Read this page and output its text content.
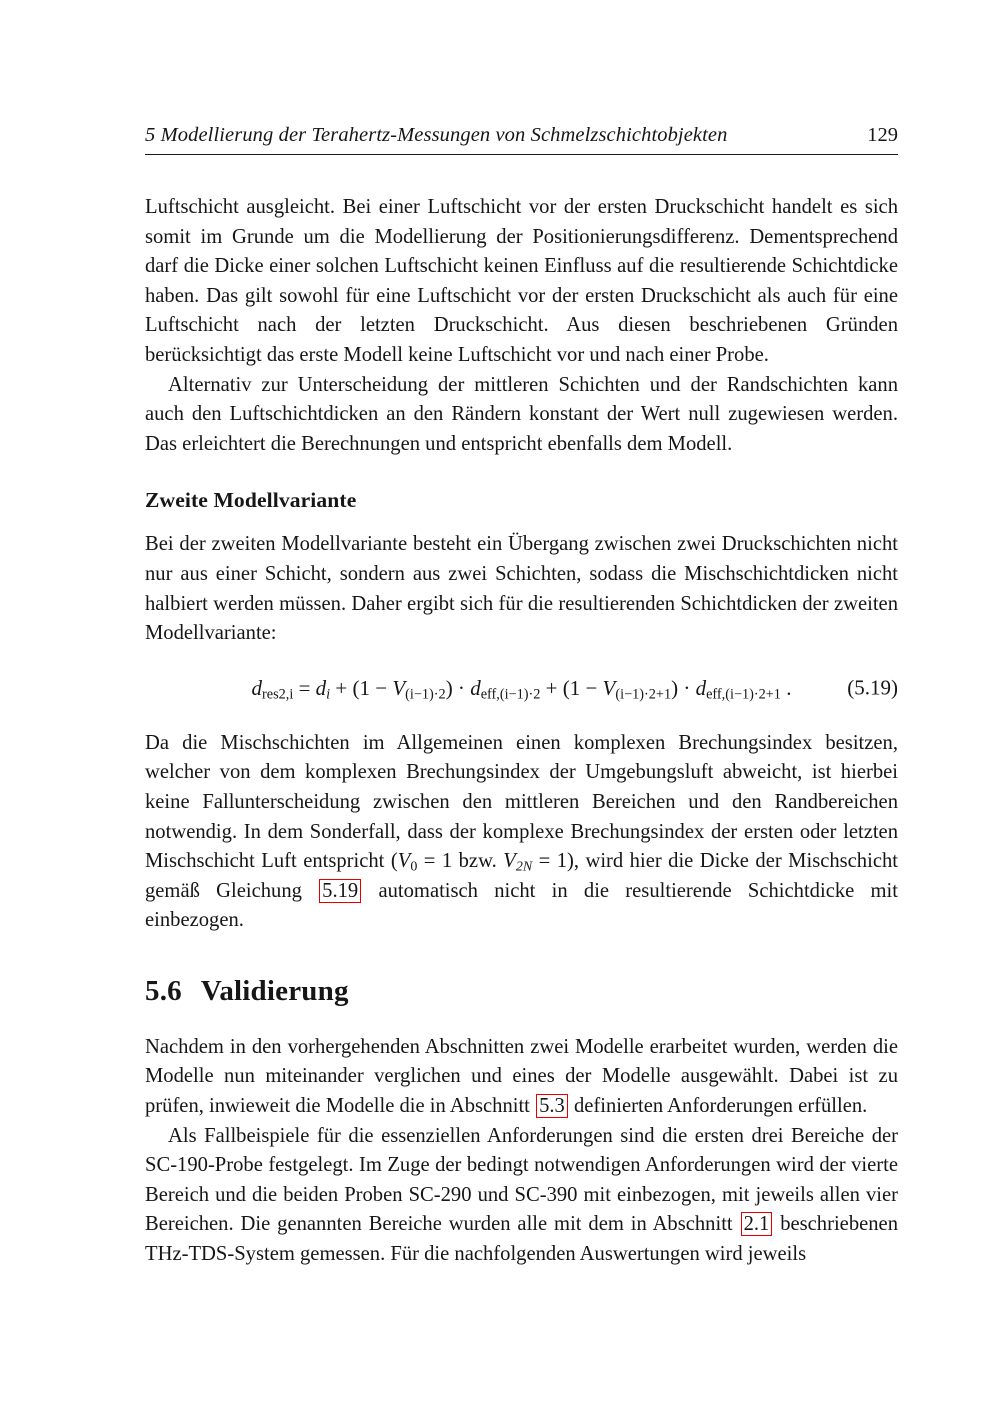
5 Modellierung der Terahertz-Messungen von Schmelzschichtobjekten	129

Luftschicht ausgleicht. Bei einer Luftschicht vor der ersten Druckschicht handelt es sich somit im Grunde um die Modellierung der Positionierungsdifferenz. Dementsprechend darf die Dicke einer solchen Luftschicht keinen Einfluss auf die resultierende Schichtdicke haben. Das gilt sowohl für eine Luftschicht vor der ersten Druckschicht als auch für eine Luftschicht nach der letzten Druckschicht. Aus diesen beschriebenen Gründen berücksichtigt das erste Modell keine Luftschicht vor und nach einer Probe.

Alternativ zur Unterscheidung der mittleren Schichten und der Randschichten kann auch den Luftschichtdicken an den Rändern konstant der Wert null zugewiesen werden. Das erleichtert die Berechnungen und entspricht ebenfalls dem Modell.

Zweite Modellvariante

Bei der zweiten Modellvariante besteht ein Übergang zwischen zwei Druckschichten nicht nur aus einer Schicht, sondern aus zwei Schichten, sodass die Mischschichtdicken nicht halbiert werden müssen. Daher ergibt sich für die resultierenden Schichtdicken der zweiten Modellvariante:

$d_{res2,i} = d_i + (1 - V_{(i-1)\cdot 2}) \cdot d_{eff,(i-1)\cdot 2} + (1 - V_{(i-1)\cdot 2+1}) \cdot d_{eff,(i-1)\cdot 2+1}$ .	(5.19)

Da die Mischschichten im Allgemeinen einen komplexen Brechungsindex besitzen, welcher von dem komplexen Brechungsindex der Umgebungsluft abweicht, ist hierbei keine Fallunterscheidung zwischen den mittleren Bereichen und den Randbereichen notwendig. In dem Sonderfall, dass der komplexe Brechungsindex der ersten oder letzten Mischschicht Luft entspricht ($V_0 = 1$ bzw. $V_{2N} = 1$), wird hier die Dicke der Mischschicht gemäß Gleichung 5.19 automatisch nicht in die resultierende Schichtdicke mit einbezogen.

5.6 Validierung

Nachdem in den vorhergehenden Abschnitten zwei Modelle erarbeitet wurden, werden die Modelle nun miteinander verglichen und eines der Modelle ausgewählt. Dabei ist zu prüfen, inwieweit die Modelle die in Abschnitt 5.3 definierten Anforderungen erfüllen.

Als Fallbeispiele für die essenziellen Anforderungen sind die ersten drei Bereiche der SC-190-Probe festgelegt. Im Zuge der bedingt notwendigen Anforderungen wird der vierte Bereich und die beiden Proben SC-290 und SC-390 mit einbezogen, mit jeweils allen vier Bereichen. Die genannten Bereiche wurden alle mit dem in Abschnitt 2.1 beschriebenen THz-TDS-System gemessen. Für die nachfolgenden Auswertungen wird jeweils
